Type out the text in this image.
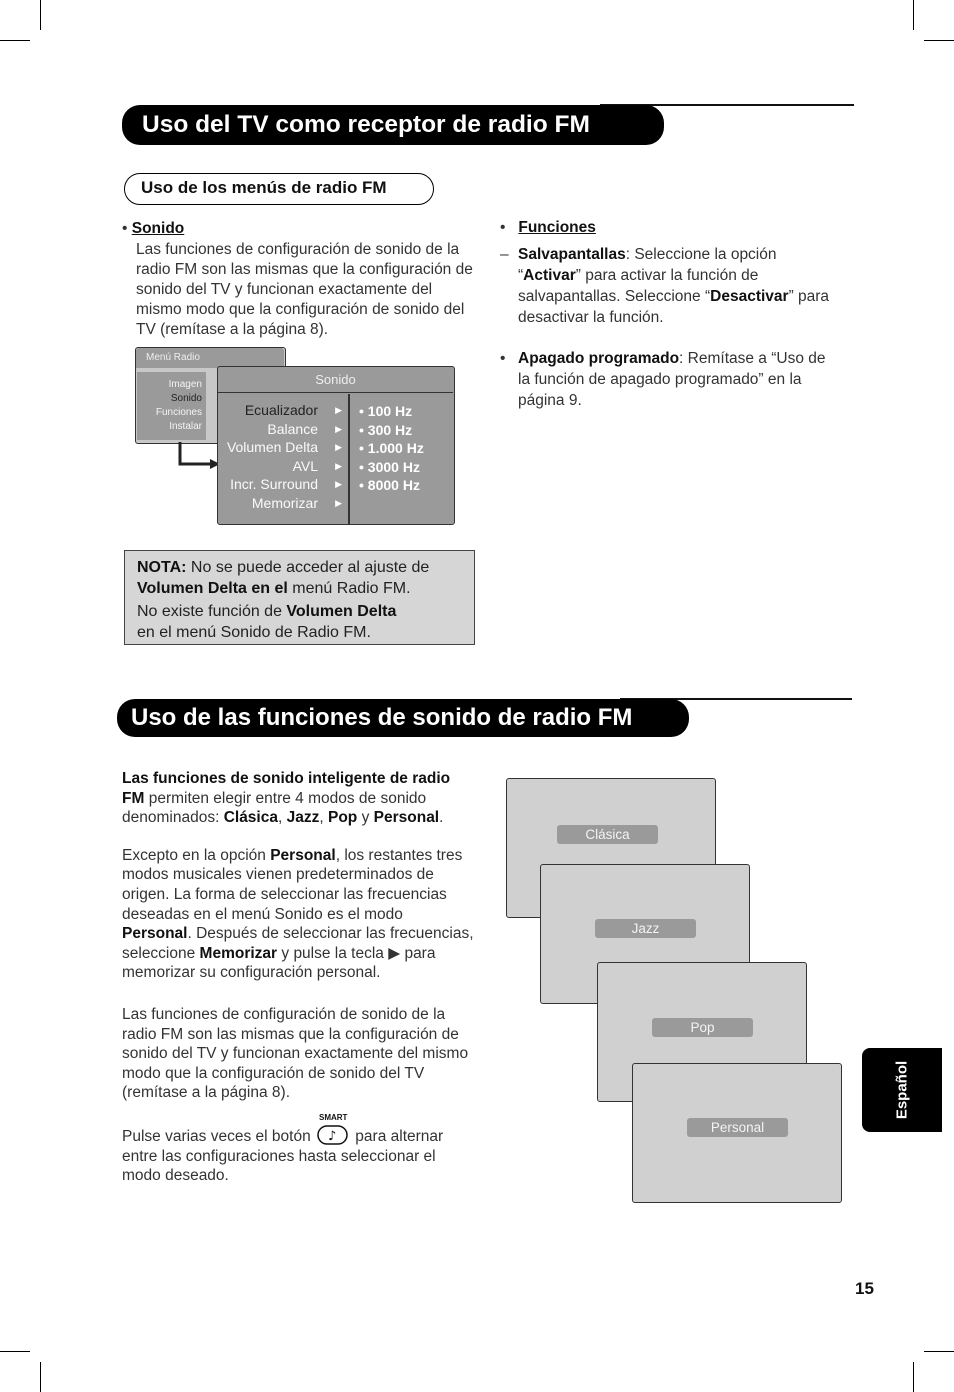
Uso del TV como receptor de radio FM
Uso de los menús de radio FM
• Sonido
Las funciones de configuración de sonido de la radio FM son las mismas que la configuración de sonido del TV y funcionan exactamente del mismo modo que la configuración de sonido del TV (remítase a la página 8).
Menú Radio
Imagen
Sonido
Funciones
Instalar
Sonido
Ecualizador ▶
Balance ▶
Volumen Delta ▶
AVL ▶
Incr. Surround ▶
Memorizar ▶
• 100 Hz
• 300 Hz
• 1.000 Hz
• 3000 Hz
• 8000 Hz
NOTA: No se puede acceder al ajuste de
Volumen Delta en el menú Radio FM.
No existe función de Volumen Delta
en el menú Sonido de Radio FM.
•   Funciones
– Salvapantallas: Seleccione la opción “Activar” para activar la función de salvapantallas. Seleccione “Desactivar” para desactivar la función.
• Apagado programado: Remítase a “Uso de la función de apagado programado” en la página 9.
Uso de las funciones de sonido de radio FM
Las funciones de sonido inteligente de radio FM permiten elegir entre 4 modos de sonido denominados: Clásica, Jazz, Pop y Personal.
Excepto en la opción Personal, los restantes tres modos musicales vienen predeterminados de origen. La forma de seleccionar las frecuencias deseadas en el menú Sonido es el modo Personal. Después de seleccionar las frecuencias, seleccione Memorizar y pulse la tecla ▶ para memorizar su configuración personal.
Las funciones de configuración de sonido de la radio FM son las mismas que la configuración de sonido del TV y funcionan exactamente del mismo modo que la configuración de sonido del TV (remítase a la página 8).
Pulse varias veces el botón
SMART
♪ para alternar entre las configuraciones hasta seleccionar el modo deseado.
Clásica
Jazz
Pop
Personal
Español
15
